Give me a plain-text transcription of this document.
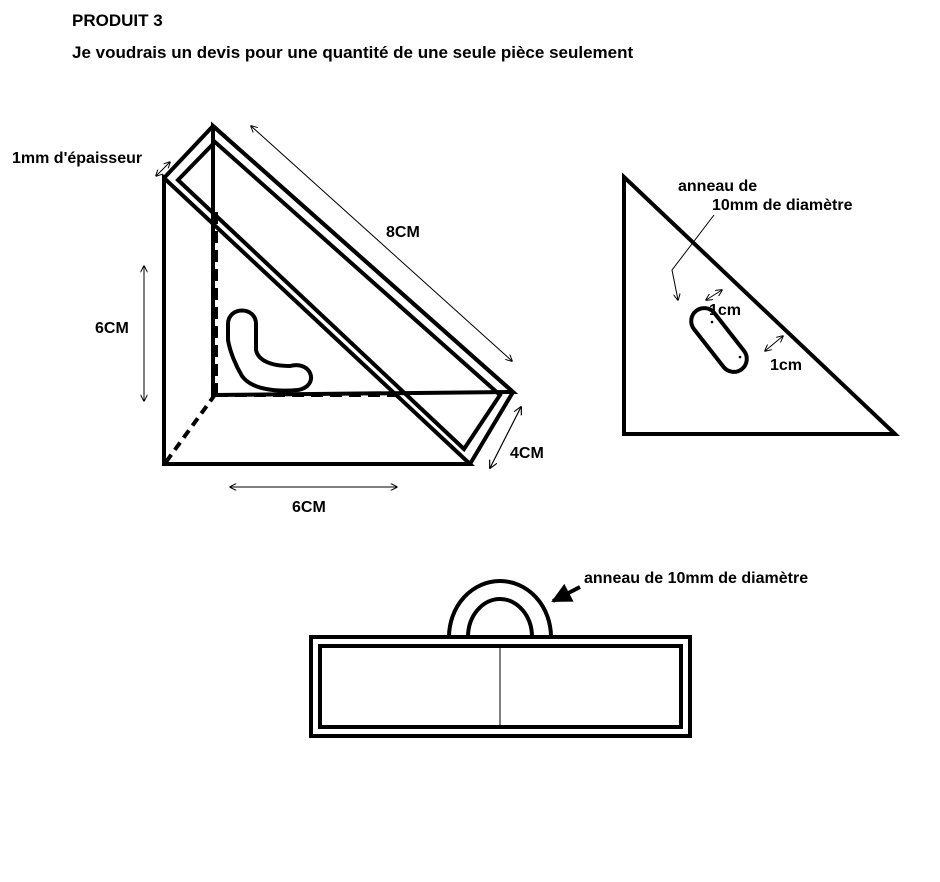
PRODUIT 3
Je voudrais un devis pour une quantité de une seule pièce seulement
1mm d'épaisseur
8CM
6CM
6CM
4CM
anneau de
10mm de diamètre
1cm
1cm
anneau de 10mm de diamètre
